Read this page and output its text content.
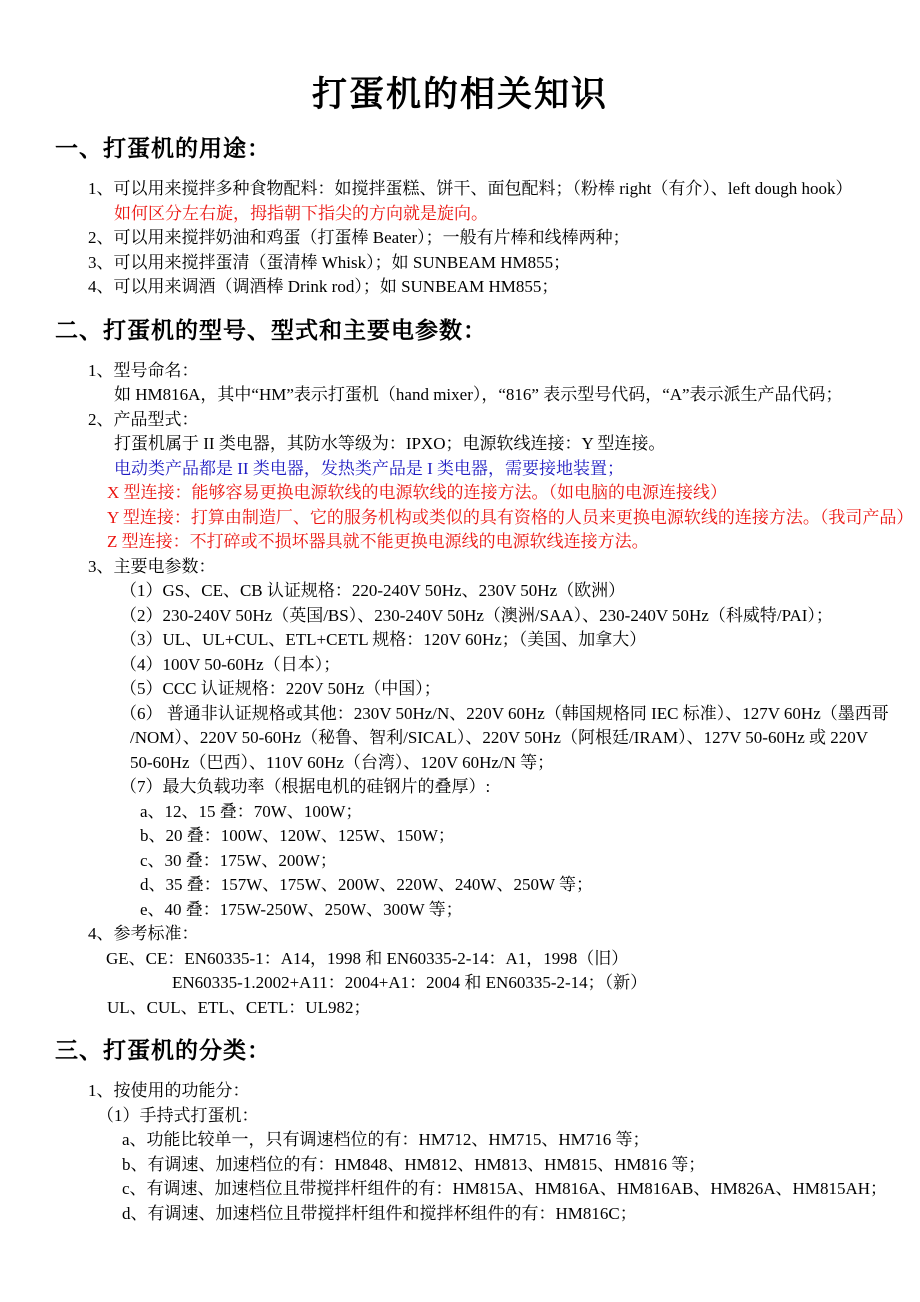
打蛋机的相关知识
一、打蛋机的用途：
1、可以用来搅拌多种食物配料：如搅拌蛋糕、饼干、面包配料；（粉棒 right（有介）、left dough hook）
如何区分左右旋，拇指朝下指尖的方向就是旋向。
2、可以用来搅拌奶油和鸡蛋（打蛋棒 Beater）；一般有片棒和线棒两种；
3、可以用来搅拌蛋清（蛋清棒 Whisk）；如 SUNBEAM HM855；
4、可以用来调酒（调酒棒 Drink rod）；如 SUNBEAM HM855；
二、打蛋机的型号、型式和主要电参数：
1、型号命名：
如 HM816A，其中“HM”表示打蛋机（hand mixer），“816” 表示型号代码，“A”表示派生产品代码；
2、产品型式：
打蛋机属于 II 类电器，其防水等级为：IPXO；电源软线连接：Y 型连接。
电动类产品都是 II 类电器，发热类产品是 I 类电器，需要接地装置；
X 型连接：能够容易更换电源软线的电源软线的连接方法。（如电脑的电源连接线）
Y 型连接：打算由制造厂、它的服务机构或类似的具有资格的人员来更换电源软线的连接方法。（我司产品）
Z 型连接：不打碎或不损坏器具就不能更换电源线的电源软线连接方法。
3、主要电参数：
（1）GS、CE、CB 认证规格：220-240V 50Hz、230V 50Hz（欧洲）
（2）230-240V 50Hz（英国/BS）、230-240V 50Hz（澳洲/SAA）、230-240V 50Hz（科威特/PAI）；
（3）UL、UL+CUL、ETL+CETL 规格：120V 60Hz；（美国、加拿大）
（4）100V 50-60Hz（日本）；
（5）CCC 认证规格：220V 50Hz（中国）；
（6） 普通非认证规格或其他：230V 50Hz/N、220V 60Hz（韩国规格同 IEC 标准）、127V 60Hz（墨西哥
/NOM）、220V 50-60Hz（秘鲁、智利/SICAL）、220V 50Hz（阿根廷/IRAM）、127V 50-60Hz 或 220V
50-60Hz（巴西）、110V 60Hz（台湾）、120V 60Hz/N 等；
（7）最大负载功率（根据电机的硅钢片的叠厚）:
a、12、15 叠：70W、100W；
b、20 叠：100W、120W、125W、150W；
c、30 叠：175W、200W；
d、35 叠：157W、175W、200W、220W、240W、250W 等；
e、40 叠：175W-250W、250W、300W 等；
4、参考标准：
GE、CE：EN60335-1：A14，1998 和 EN60335-2-14：A1，1998（旧）
EN60335-1.2002+A11：2004+A1：2004 和 EN60335-2-14；（新）
UL、CUL、ETL、CETL：UL982；
三、打蛋机的分类：
1、按使用的功能分：
（1）手持式打蛋机：
a、功能比较单一，只有调速档位的有：HM712、HM715、HM716 等；
b、有调速、加速档位的有：HM848、HM812、HM813、HM815、HM816 等；
c、有调速、加速档位且带搅拌杆组件的有：HM815A、HM816A、HM816AB、HM826A、HM815AH；
d、有调速、加速档位且带搅拌杆组件和搅拌杯组件的有：HM816C；
